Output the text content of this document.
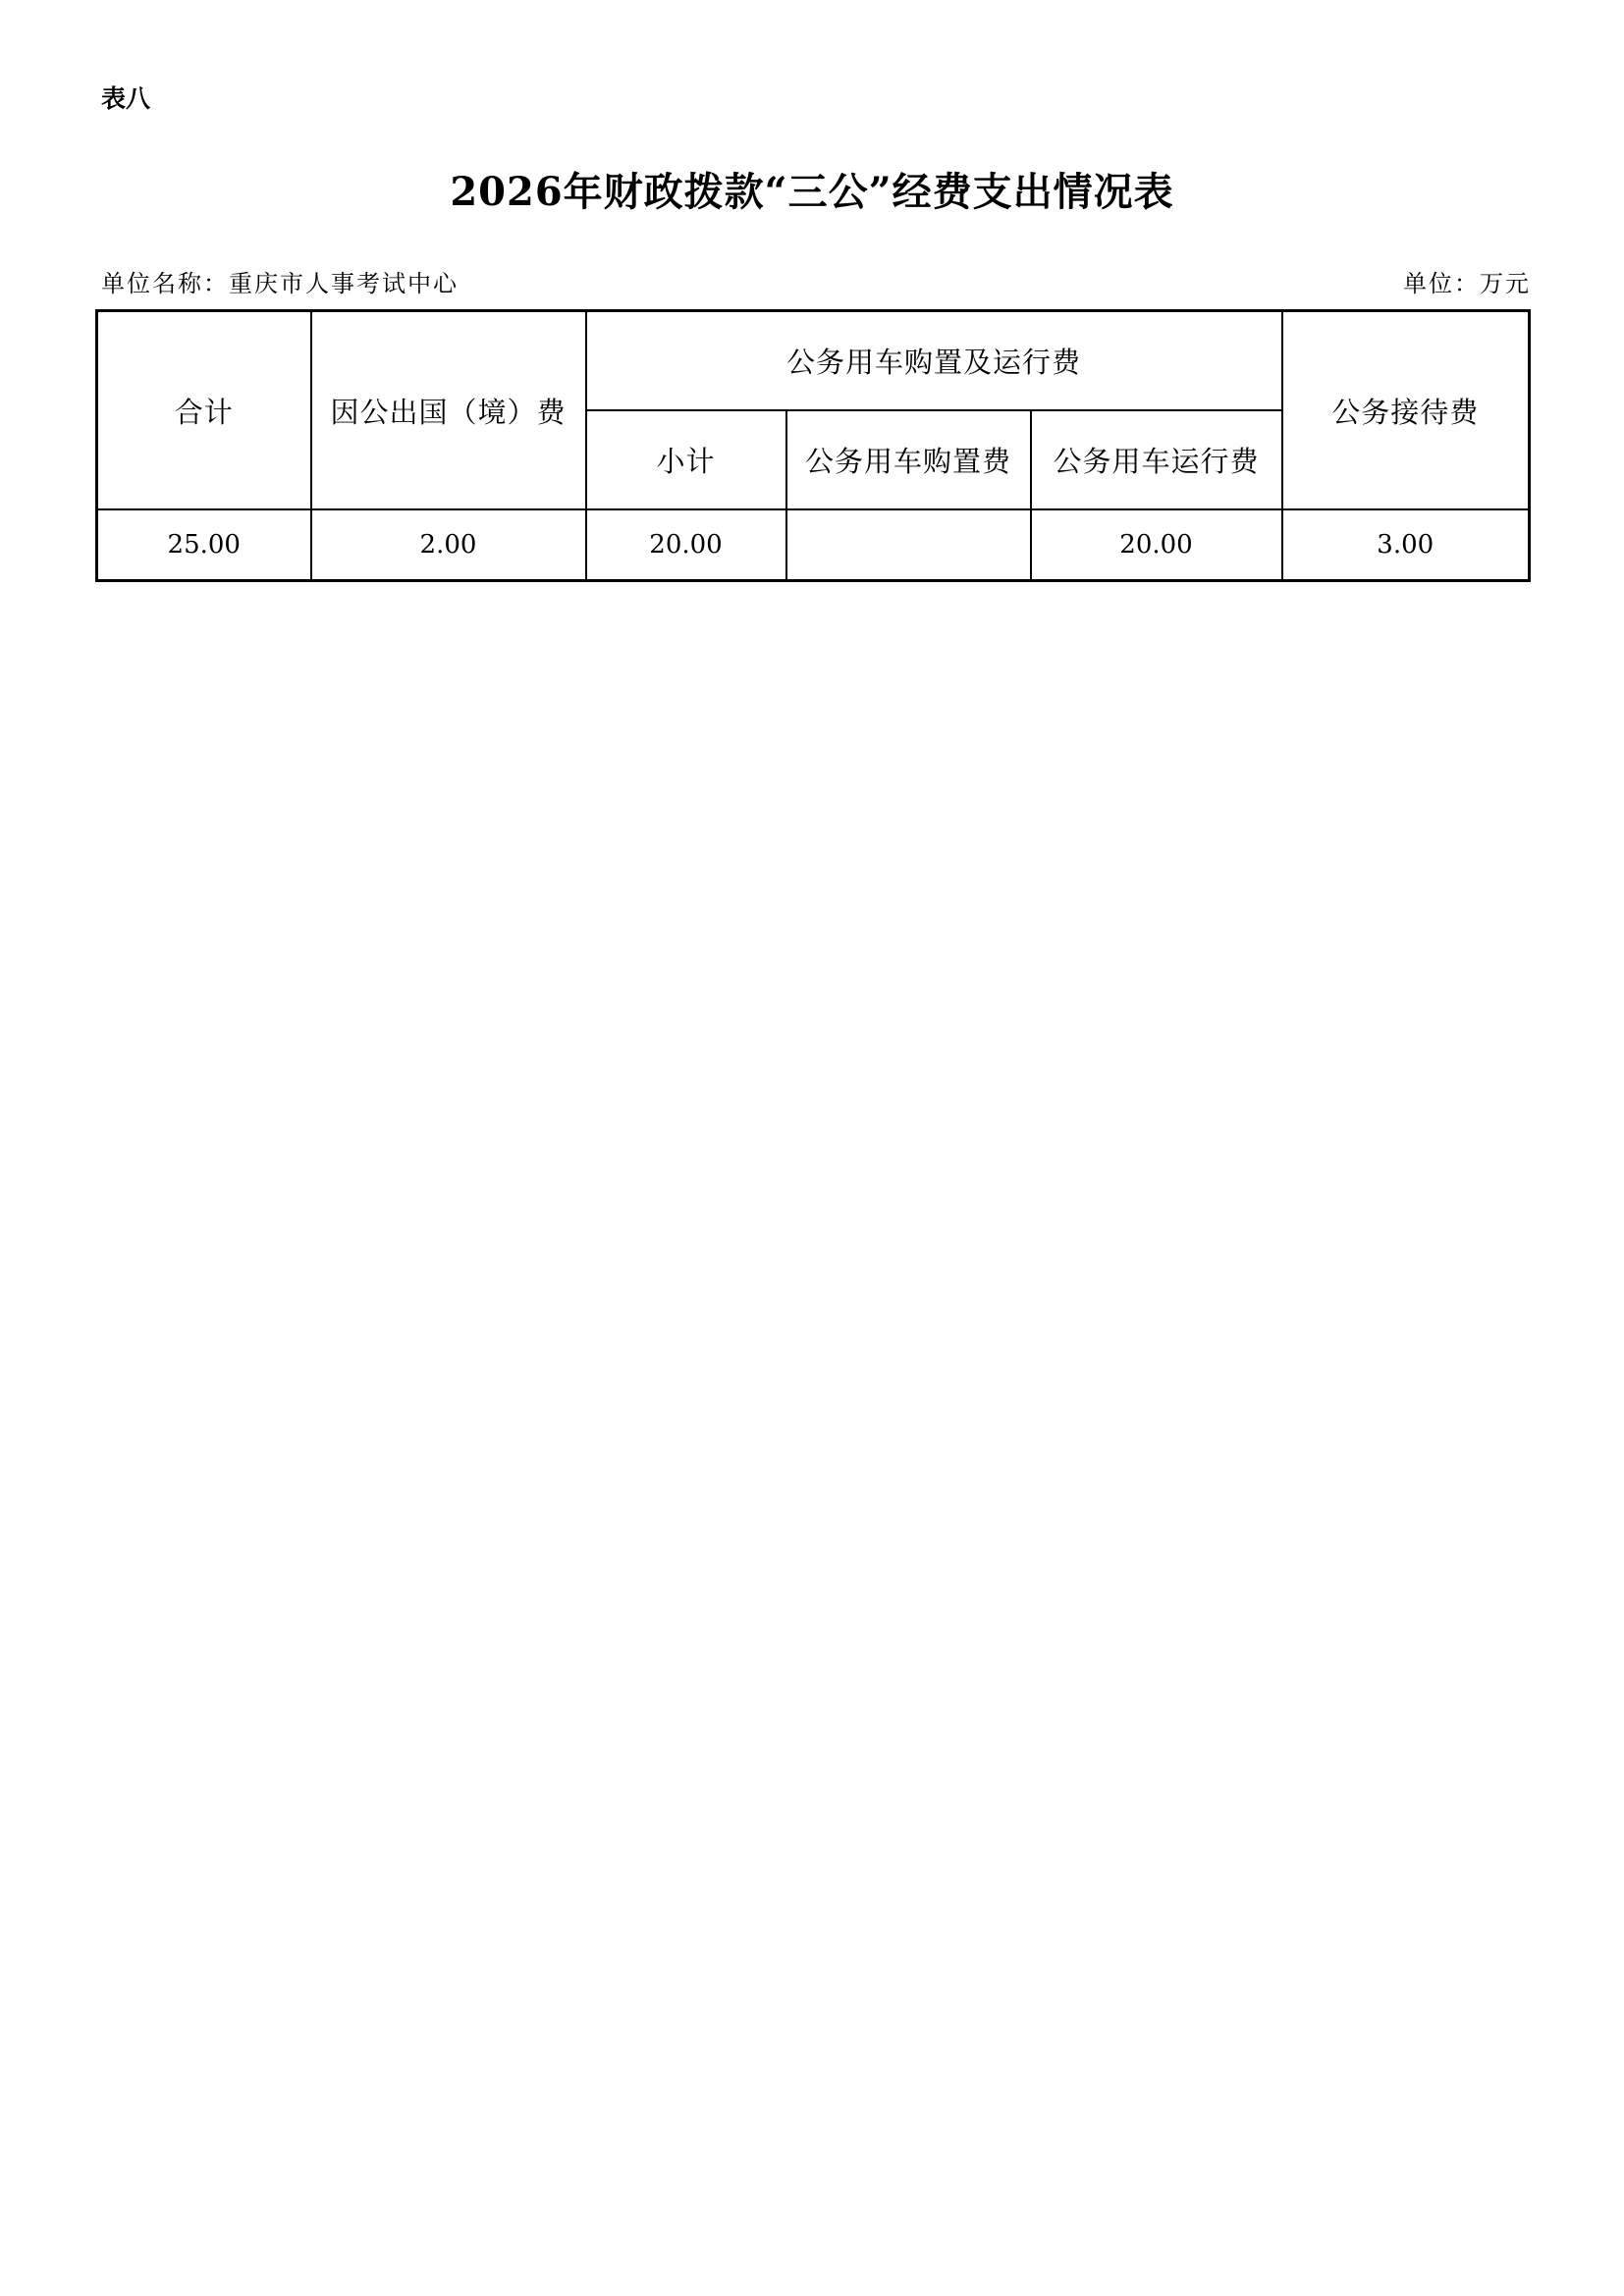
表八
2026年财政拨款“三公”经费支出情况表
单位名称：重庆市人事考试中心	单位：万元
合计	因公出国（境）费	公务用车购置及运行费			公务接待费
		小计	公务用车购置费	公务用车运行费	
25.00	2.00	20.00		20.00	3.00
